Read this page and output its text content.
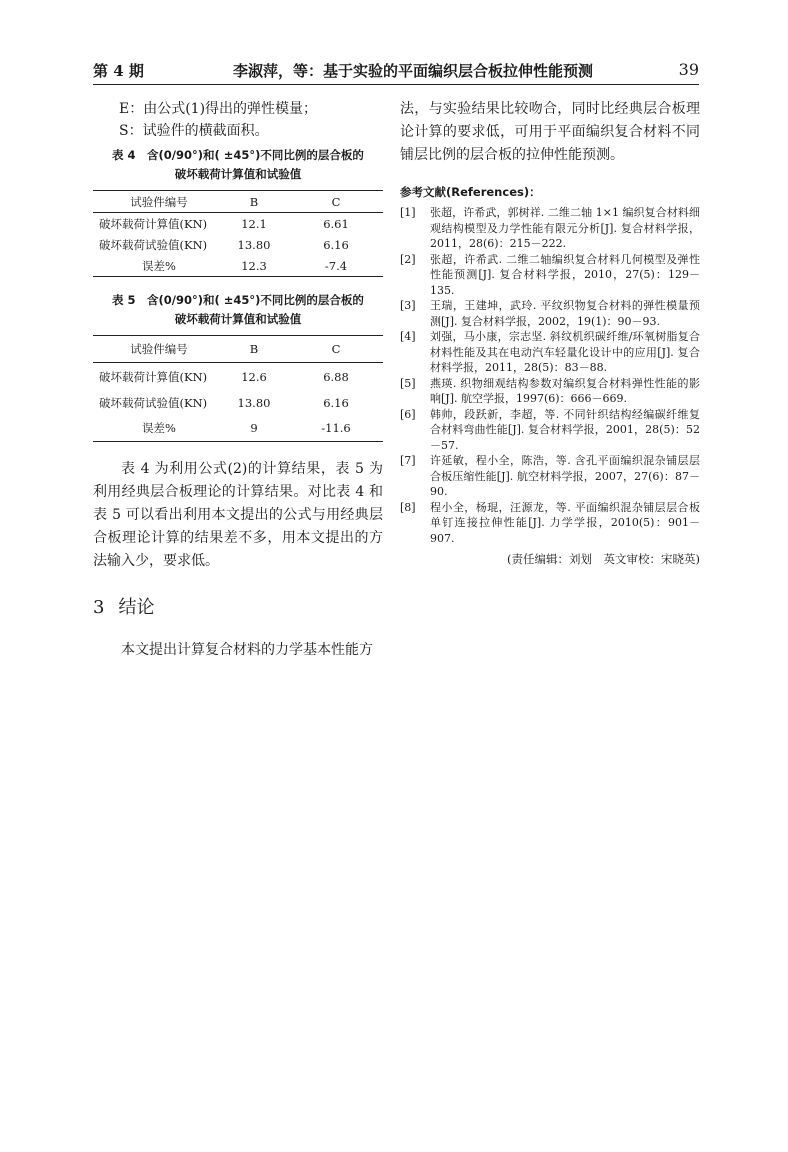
第 4 期	李淑萍，等：基于实验的平面编织层合板拉伸性能预测	39
E：由公式(1)得出的弹性模量；
S：试验件的横截面积。
表 4　含(0/90°)和( ±45°)不同比例的层合板的
破坏载荷计算值和试验值
试验件编号	B	C
破坏载荷计算值(KN)	12.1	6.61
破坏载荷试验值(KN)	13.80	6.16
误差%	12.3	-7.4
表 5　含(0/90°)和( ±45°)不同比例的层合板的
破坏载荷计算值和试验值
试验件编号	B	C
破坏载荷计算值(KN)	12.6	6.88
破坏载荷试验值(KN)	13.80	6.16
误差%	9	-11.6

表 4 为利用公式(2)的计算结果，表 5 为利用经典层合板理论的计算结果。对比表 4 和表 5 可以看出利用本文提出的公式与用经典层合板理论计算的结果差不多，用本文提出的方法输入少，要求低。

3 结论

本文提出计算复合材料的力学基本性能方

法，与实验结果比较吻合，同时比经典层合板理论计算的要求低，可用于平面编织复合材料不同铺层比例的层合板的拉伸性能预测。

参考文献(References)：

[1]	张超，许希武，郭树祥. 二维二轴 1×1 编织复合材料细观结构模型及力学性能有限元分析[J]. 复合材料学报，2011，28(6)：215－222.
[2]	张超，许希武. 二维二轴编织复合材料几何模型及弹性性能预测[J]. 复合材料学报，2010，27(5)：129－135.
[3]	王瑞，王建坤，武玲. 平纹织物复合材料的弹性模量预测[J]. 复合材料学报，2002，19(1)：90－93.
[4]	刘强，马小康，宗志坚. 斜纹机织碳纤维/环氧树脂复合材料性能及其在电动汽车轻量化设计中的应用[J]. 复合材料学报，2011，28(5)：83－88.
[5]	燕瑛. 织物细观结构参数对编织复合材料弹性性能的影响[J]. 航空学报，1997(6)：666－669.
[6]	韩帅，段跃新，李超，等. 不同针织结构经编碳纤维复合材料弯曲性能[J]. 复合材料学报，2001，28(5)：52－57.
[7]	许延敏，程小全，陈浩，等. 含孔平面编织混杂铺层层合板压缩性能[J]. 航空材料学报，2007，27(6)：87－90.
[8]	程小全，杨琨，汪源龙，等. 平面编织混杂铺层层合板单钉连接拉伸性能[J]. 力学学报，2010(5)：901－907.

(责任编辑：刘划　英文审校：宋晓英)
